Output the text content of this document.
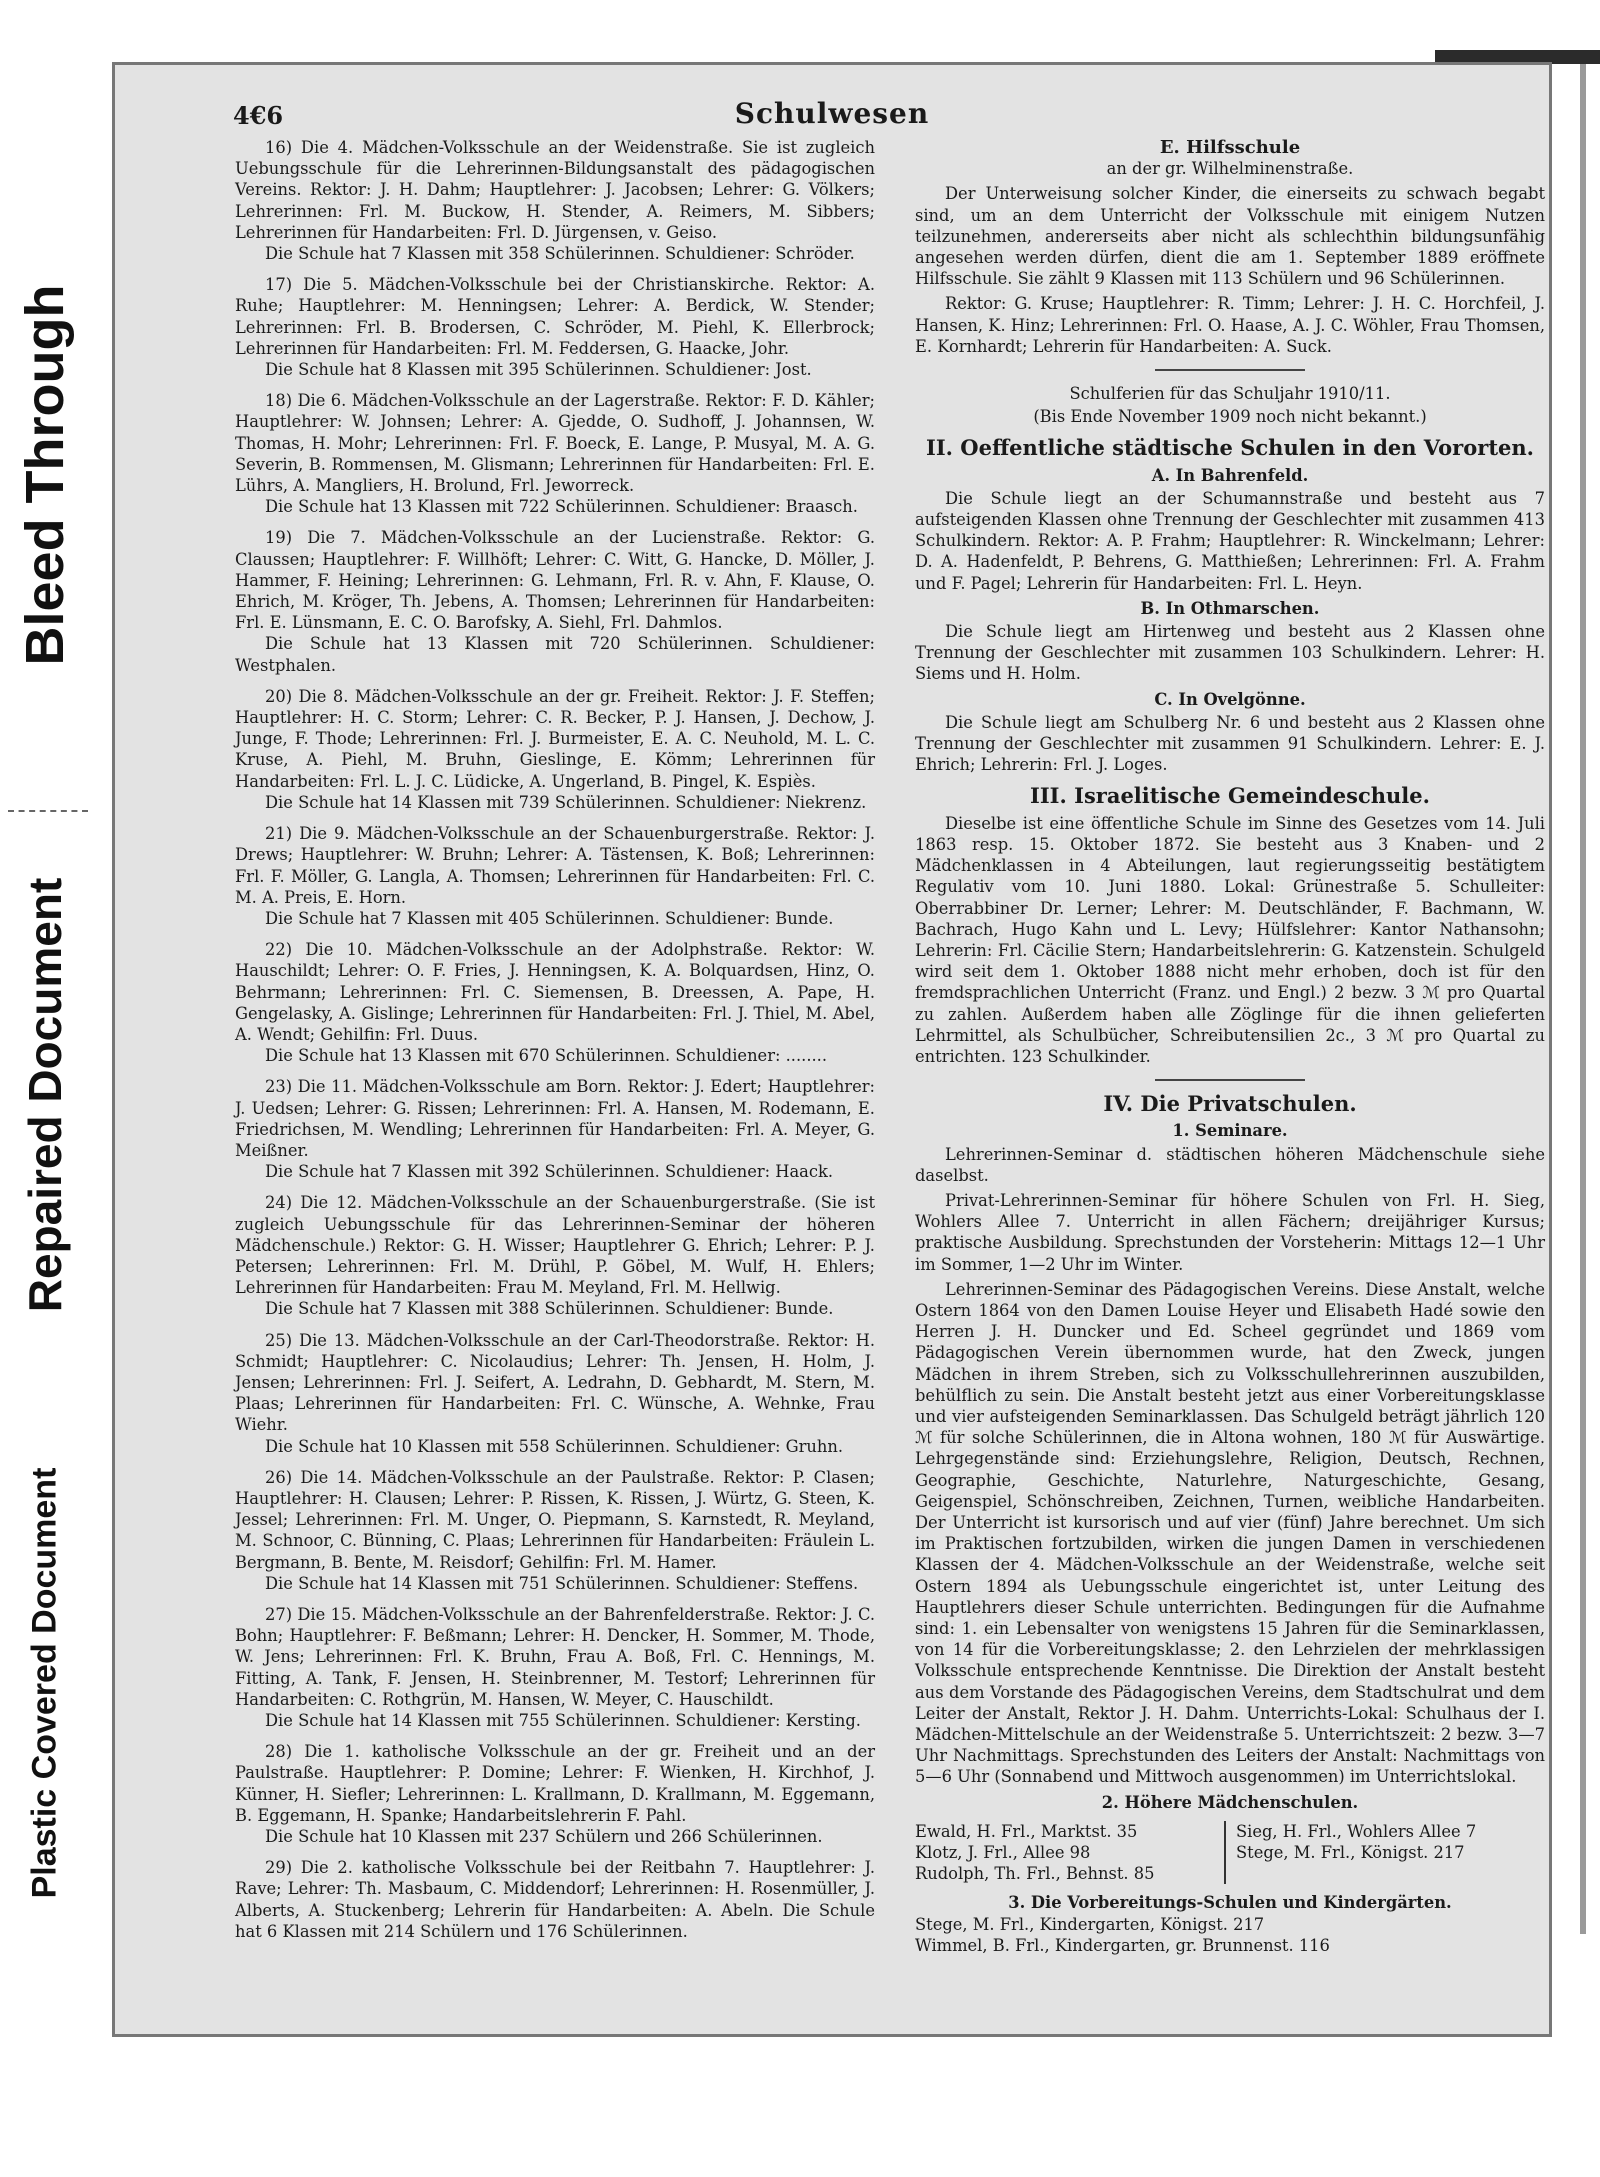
Bleed Through
Repaired Document
Plastic Covered Document
4€6	Schulwesen
16) Die 4. Mädchen-Volksschule an der Weidenstraße. Sie ist zugleich Uebungsschule für die Lehrerinnen-Bildungsanstalt des pädagogischen Vereins. Rektor: J. H. Dahm; Hauptlehrer: J. Jacobsen; Lehrer: G. Völkers; Lehrerinnen: Frl. M. Buckow, H. Stender, A. Reimers, M. Sibbers; Lehrerinnen für Handarbeiten: Frl. D. Jürgensen, v. Geiso.
Die Schule hat 7 Klassen mit 358 Schülerinnen. Schuldiener: Schröder.
17) Die 5. Mädchen-Volksschule bei der Christianskirche. Rektor: A. Ruhe; Hauptlehrer: M. Henningsen; Lehrer: A. Berdick, W. Stender; Lehrerinnen: Frl. B. Brodersen, C. Schröder, M. Piehl, K. Ellerbrock; Lehrerinnen für Handarbeiten: Frl. M. Feddersen, G. Haacke, Johr.
Die Schule hat 8 Klassen mit 395 Schülerinnen. Schuldiener: Jost.
18) Die 6. Mädchen-Volksschule an der Lagerstraße. Rektor: F. D. Kähler; Hauptlehrer: W. Johnsen; Lehrer: A. Gjedde, O. Sudhoff, J. Johannsen, W. Thomas, H. Mohr; Lehrerinnen: Frl. F. Boeck, E. Lange, P. Musyal, M. A. G. Severin, B. Rommensen, M. Glismann; Lehrerinnen für Handarbeiten: Frl. E. Lührs, A. Mangliers, H. Brolund, Frl. Jeworreck.
Die Schule hat 13 Klassen mit 722 Schülerinnen. Schuldiener: Braasch.
19) Die 7. Mädchen-Volksschule an der Lucienstraße. Rektor: G. Claussen; Hauptlehrer: F. Willhöft; Lehrer: C. Witt, G. Hancke, D. Möller, J. Hammer, F. Heining; Lehrerinnen: G. Lehmann, Frl. R. v. Ahn, F. Klause, O. Ehrich, M. Kröger, Th. Jebens, A. Thomsen; Lehrerinnen für Handarbeiten: Frl. E. Lünsmann, E. C. O. Barofsky, A. Siehl, Frl. Dahmlos.
Die Schule hat 13 Klassen mit 720 Schülerinnen. Schuldiener: Westphalen.
20) Die 8. Mädchen-Volksschule an der gr. Freiheit. Rektor: J. F. Steffen; Hauptlehrer: H. C. Storm; Lehrer: C. R. Becker, P. J. Hansen, J. Dechow, J. Junge, F. Thode; Lehrerinnen: Frl. J. Burmeister, E. A. C. Neuhold, M. L. C. Kruse, A. Piehl, M. Bruhn, Gieslinge, E. Kömm; Lehrerinnen für Handarbeiten: Frl. L. J. C. Lüdicke, A. Ungerland, B. Pingel, K. Espiès.
Die Schule hat 14 Klassen mit 739 Schülerinnen. Schuldiener: Niekrenz.
21) Die 9. Mädchen-Volksschule an der Schauenburgerstraße. Rektor: J. Drews; Hauptlehrer: W. Bruhn; Lehrer: A. Tästensen, K. Boß; Lehrerinnen: Frl. F. Möller, G. Langla, A. Thomsen; Lehrerinnen für Handarbeiten: Frl. C. M. A. Preis, E. Horn.
Die Schule hat 7 Klassen mit 405 Schülerinnen. Schuldiener: Bunde.
22) Die 10. Mädchen-Volksschule an der Adolphstraße. Rektor: W. Hauschildt; Lehrer: O. F. Fries, J. Henningsen, K. A. Bolquardsen, Hinz, O. Behrmann; Lehrerinnen: Frl. C. Siemensen, B. Dreessen, A. Pape, H. Gengelasky, A. Gislinge; Lehrerinnen für Handarbeiten: Frl. J. Thiel, M. Abel, A. Wendt; Gehilfin: Frl. Duus.
Die Schule hat 13 Klassen mit 670 Schülerinnen. Schuldiener: ........
23) Die 11. Mädchen-Volksschule am Born. Rektor: J. Edert; Hauptlehrer: J. Uedsen; Lehrer: G. Rissen; Lehrerinnen: Frl. A. Hansen, M. Rodemann, E. Friedrichsen, M. Wendling; Lehrerinnen für Handarbeiten: Frl. A. Meyer, G. Meißner.
Die Schule hat 7 Klassen mit 392 Schülerinnen. Schuldiener: Haack.
24) Die 12. Mädchen-Volksschule an der Schauenburgerstraße. (Sie ist zugleich Uebungsschule für das Lehrerinnen-Seminar der höheren Mädchenschule.) Rektor: G. H. Wisser; Hauptlehrer G. Ehrich; Lehrer: P. J. Petersen; Lehrerinnen: Frl. M. Drühl, P. Göbel, M. Wulf, H. Ehlers; Lehrerinnen für Handarbeiten: Frau M. Meyland, Frl. M. Hellwig.
Die Schule hat 7 Klassen mit 388 Schülerinnen. Schuldiener: Bunde.
25) Die 13. Mädchen-Volksschule an der Carl-Theodorstraße. Rektor: H. Schmidt; Hauptlehrer: C. Nicolaudius; Lehrer: Th. Jensen, H. Holm, J. Jensen; Lehrerinnen: Frl. J. Seifert, A. Ledrahn, D. Gebhardt, M. Stern, M. Plaas; Lehrerinnen für Handarbeiten: Frl. C. Wünsche, A. Wehnke, Frau Wiehr.
Die Schule hat 10 Klassen mit 558 Schülerinnen. Schuldiener: Gruhn.
26) Die 14. Mädchen-Volksschule an der Paulstraße. Rektor: P. Clasen; Hauptlehrer: H. Clausen; Lehrer: P. Rissen, K. Rissen, J. Würtz, G. Steen, K. Jessel; Lehrerinnen: Frl. M. Unger, O. Piepmann, S. Karnstedt, R. Meyland, M. Schnoor, C. Bünning, C. Plaas; Lehrerinnen für Handarbeiten: Fräulein L. Bergmann, B. Bente, M. Reisdorf; Gehilfin: Frl. M. Hamer.
Die Schule hat 14 Klassen mit 751 Schülerinnen. Schuldiener: Steffens.
27) Die 15. Mädchen-Volksschule an der Bahrenfelderstraße. Rektor: J. C. Bohn; Hauptlehrer: F. Beßmann; Lehrer: H. Dencker, H. Sommer, M. Thode, W. Jens; Lehrerinnen: Frl. K. Bruhn, Frau A. Boß, Frl. C. Hennings, M. Fitting, A. Tank, F. Jensen, H. Steinbrenner, M. Testorf; Lehrerinnen für Handarbeiten: C. Rothgrün, M. Hansen, W. Meyer, C. Hauschildt.
Die Schule hat 14 Klassen mit 755 Schülerinnen. Schuldiener: Kersting.
28) Die 1. katholische Volksschule an der gr. Freiheit und an der Paulstraße. Hauptlehrer: P. Domine; Lehrer: F. Wienken, H. Kirchhof, J. Künner, H. Siefler; Lehrerinnen: L. Krallmann, D. Krallmann, M. Eggemann, B. Eggemann, H. Spanke; Handarbeitslehrerin F. Pahl.
Die Schule hat 10 Klassen mit 237 Schülern und 266 Schülerinnen.
29) Die 2. katholische Volksschule bei der Reitbahn 7. Hauptlehrer: J. Rave; Lehrer: Th. Masbaum, C. Middendorf; Lehrerinnen: H. Rosenmüller, J. Alberts, A. Stuckenberg; Lehrerin für Handarbeiten: A. Abeln. Die Schule hat 6 Klassen mit 214 Schülern und 176 Schülerinnen.
E. Hilfsschule
an der gr. Wilhelminenstraße.
Der Unterweisung solcher Kinder, die einerseits zu schwach begabt sind, um an dem Unterricht der Volksschule mit einigem Nutzen teilzunehmen, andererseits aber nicht als schlechthin bildungsunfähig angesehen werden dürfen, dient die am 1. September 1889 eröffnete Hilfsschule. Sie zählt 9 Klassen mit 113 Schülern und 96 Schülerinnen.
Rektor: G. Kruse; Hauptlehrer: R. Timm; Lehrer: J. H. C. Horchfeil, J. Hansen, K. Hinz; Lehrerinnen: Frl. O. Haase, A. J. C. Wöhler, Frau Thomsen, E. Kornhardt; Lehrerin für Handarbeiten: A. Suck.
Schulferien für das Schuljahr 1910/11.
(Bis Ende November 1909 noch nicht bekannt.)
II. Oeffentliche städtische Schulen in den Vororten.
A. In Bahrenfeld.
Die Schule liegt an der Schumannstraße und besteht aus 7 aufsteigenden Klassen ohne Trennung der Geschlechter mit zusammen 413 Schulkindern. Rektor: A. P. Frahm; Hauptlehrer: R. Winckelmann; Lehrer: D. A. Hadenfeldt, P. Behrens, G. Matthießen; Lehrerinnen: Frl. A. Frahm und F. Pagel; Lehrerin für Handarbeiten: Frl. L. Heyn.
B. In Othmarschen.
Die Schule liegt am Hirtenweg und besteht aus 2 Klassen ohne Trennung der Geschlechter mit zusammen 103 Schulkindern. Lehrer: H. Siems und H. Holm.
C. In Ovelgönne.
Die Schule liegt am Schulberg Nr. 6 und besteht aus 2 Klassen ohne Trennung der Geschlechter mit zusammen 91 Schulkindern. Lehrer: E. J. Ehrich; Lehrerin: Frl. J. Loges.
III. Israelitische Gemeindeschule.
Dieselbe ist eine öffentliche Schule im Sinne des Gesetzes vom 14. Juli 1863 resp. 15. Oktober 1872. Sie besteht aus 3 Knaben- und 2 Mädchenklassen in 4 Abteilungen, laut regierungsseitig bestätigtem Regulativ vom 10. Juni 1880. Lokal: Grünestraße 5. Schulleiter: Oberrabbiner Dr. Lerner; Lehrer: M. Deutschländer, F. Bachmann, W. Bachrach, Hugo Kahn und L. Levy; Hülfslehrer: Kantor Nathansohn; Lehrerin: Frl. Cäcilie Stern; Handarbeitslehrerin: G. Katzenstein. Schulgeld wird seit dem 1. Oktober 1888 nicht mehr erhoben, doch ist für den fremdsprachlichen Unterricht (Franz. und Engl.) 2 bezw. 3 ℳ pro Quartal zu zahlen. Außerdem haben alle Zöglinge für die ihnen gelieferten Lehrmittel, als Schulbücher, Schreibutensilien 2c., 3 ℳ pro Quartal zu entrichten. 123 Schulkinder.
IV. Die Privatschulen.
1. Seminare.
Lehrerinnen-Seminar d. städtischen höheren Mädchenschule siehe daselbst.
Privat-Lehrerinnen-Seminar für höhere Schulen von Frl. H. Sieg, Wohlers Allee 7. Unterricht in allen Fächern; dreijähriger Kursus; praktische Ausbildung. Sprechstunden der Vorsteherin: Mittags 12—1 Uhr im Sommer, 1—2 Uhr im Winter.
Lehrerinnen-Seminar des Pädagogischen Vereins. Diese Anstalt, welche Ostern 1864 von den Damen Louise Heyer und Elisabeth Hadé sowie den Herren J. H. Duncker und Ed. Scheel gegründet und 1869 vom Pädagogischen Verein übernommen wurde, hat den Zweck, jungen Mädchen in ihrem Streben, sich zu Volksschullehrerinnen auszubilden, behülflich zu sein. Die Anstalt besteht jetzt aus einer Vorbereitungsklasse und vier aufsteigenden Seminarklassen. Das Schulgeld beträgt jährlich 120 ℳ für solche Schülerinnen, die in Altona wohnen, 180 ℳ für Auswärtige. Lehrgegenstände sind: Erziehungslehre, Religion, Deutsch, Rechnen, Geographie, Geschichte, Naturlehre, Naturgeschichte, Gesang, Geigenspiel, Schönschreiben, Zeichnen, Turnen, weibliche Handarbeiten. Der Unterricht ist kursorisch und auf vier (fünf) Jahre berechnet. Um sich im Praktischen fortzubilden, wirken die jungen Damen in verschiedenen Klassen der 4. Mädchen-Volksschule an der Weidenstraße, welche seit Ostern 1894 als Uebungsschule eingerichtet ist, unter Leitung des Hauptlehrers dieser Schule unterrichten. Bedingungen für die Aufnahme sind: 1. ein Lebensalter von wenigstens 15 Jahren für die Seminarklassen, von 14 für die Vorbereitungsklasse; 2. den Lehrzielen der mehrklassigen Volksschule entsprechende Kenntnisse. Die Direktion der Anstalt besteht aus dem Vorstande des Pädagogischen Vereins, dem Stadtschulrat und dem Leiter der Anstalt, Rektor J. H. Dahm. Unterrichts-Lokal: Schulhaus der I. Mädchen-Mittelschule an der Weidenstraße 5. Unterrichtszeit: 2 bezw. 3—7 Uhr Nachmittags. Sprechstunden des Leiters der Anstalt: Nachmittags von 5—6 Uhr (Sonnabend und Mittwoch ausgenommen) im Unterrichtslokal.
2. Höhere Mädchenschulen.
Ewald, H. Frl., Marktst. 35
Klotz, J. Frl., Allee 98
Rudolph, Th. Frl., Behnst. 85
Sieg, H. Frl., Wohlers Allee 7
Stege, M. Frl., Königst. 217
3. Die Vorbereitungs-Schulen und Kindergärten.
Stege, M. Frl., Kindergarten, Königst. 217
Wimmel, B. Frl., Kindergarten, gr. Brunnenst. 116
